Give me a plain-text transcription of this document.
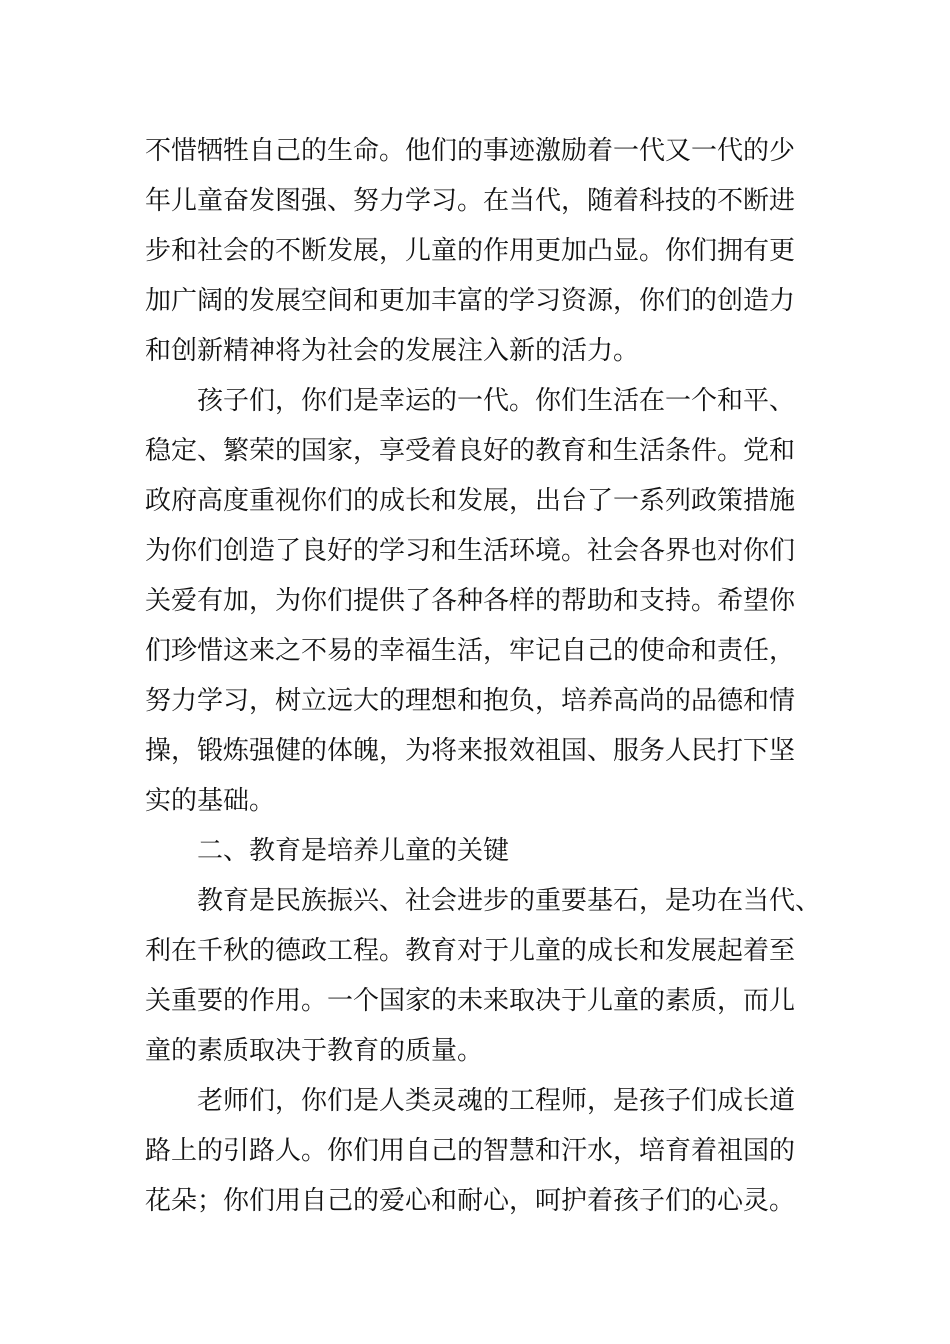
不惜牺牲自己的生命。他们的事迹激励着一代又一代的少
年儿童奋发图强、努力学习。在当代，随着科技的不断进
步和社会的不断发展，儿童的作用更加凸显。你们拥有更
加广阔的发展空间和更加丰富的学习资源，你们的创造力
和创新精神将为社会的发展注入新的活力。
孩子们，你们是幸运的一代。你们生活在一个和平、
稳定、繁荣的国家，享受着良好的教育和生活条件。党和
政府高度重视你们的成长和发展，出台了一系列政策措施
为你们创造了良好的学习和生活环境。社会各界也对你们
关爱有加，为你们提供了各种各样的帮助和支持。希望你
们珍惜这来之不易的幸福生活，牢记自己的使命和责任，
努力学习，树立远大的理想和抱负，培养高尚的品德和情
操，锻炼强健的体魄，为将来报效祖国、服务人民打下坚
实的基础。
二、教育是培养儿童的关键
教育是民族振兴、社会进步的重要基石，是功在当代、
利在千秋的德政工程。教育对于儿童的成长和发展起着至
关重要的作用。一个国家的未来取决于儿童的素质，而儿
童的素质取决于教育的质量。
老师们，你们是人类灵魂的工程师，是孩子们成长道
路上的引路人。你们用自己的智慧和汗水，培育着祖国的
花朵；你们用自己的爱心和耐心，呵护着孩子们的心灵。
